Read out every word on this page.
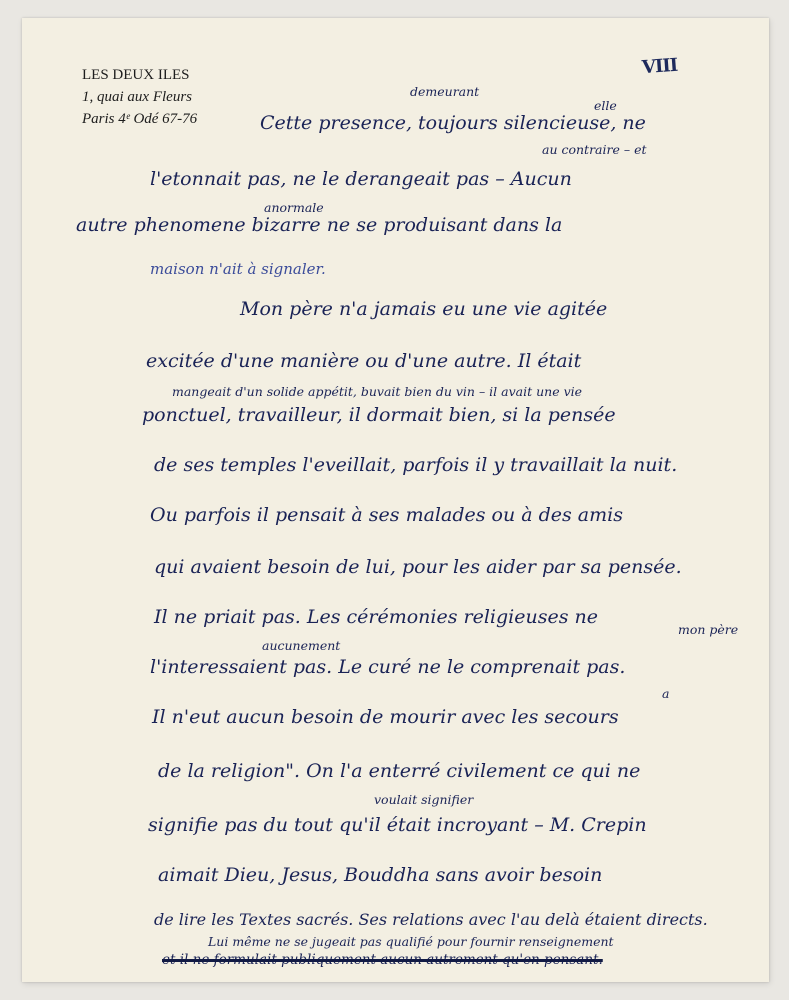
LES DEUX ILES
1, quai aux Fleurs
Paris 4ᵉ Odé 67-76
VIII
demeurant
elle
Cette presence, toujours silencieuse, ne
au contraire – et
l'etonnait pas, ne le derangeait pas – Aucun
anormale
autre phenomene bizarre ne se produisant dans la
maison n'ait à signaler.
Mon père n'a jamais eu une vie agitée
excitée d'une manière ou d'une autre. Il était
mangeait d'un solide appétit, buvait bien du vin – il avait une vie
ponctuel, travailleur, il dormait bien, si la pensée
de ses temples l'eveillait, parfois il y travaillait la nuit.
Ou parfois il pensait à ses malades ou à des amis
qui avaient besoin de lui, pour les aider par sa pensée.
Il ne priait pas. Les cérémonies religieuses ne
aucunement
mon père
l'interessaient pas. Le curé ne le comprenait pas.
a
Il n'eut aucun besoin de mourir avec les secours
de la religion". On l'a enterré civilement ce qui ne
voulait signifier
signifie pas du tout qu'il était incroyant – M. Crepin
aimait Dieu, Jesus, Bouddha sans avoir besoin
de lire les Textes sacrés. Ses relations avec l'au delà étaient directs.
Lui même ne se jugeait pas qualifié pour fournir renseignement
et il ne formulait publiquement aucun autrement qu'en pensant.
